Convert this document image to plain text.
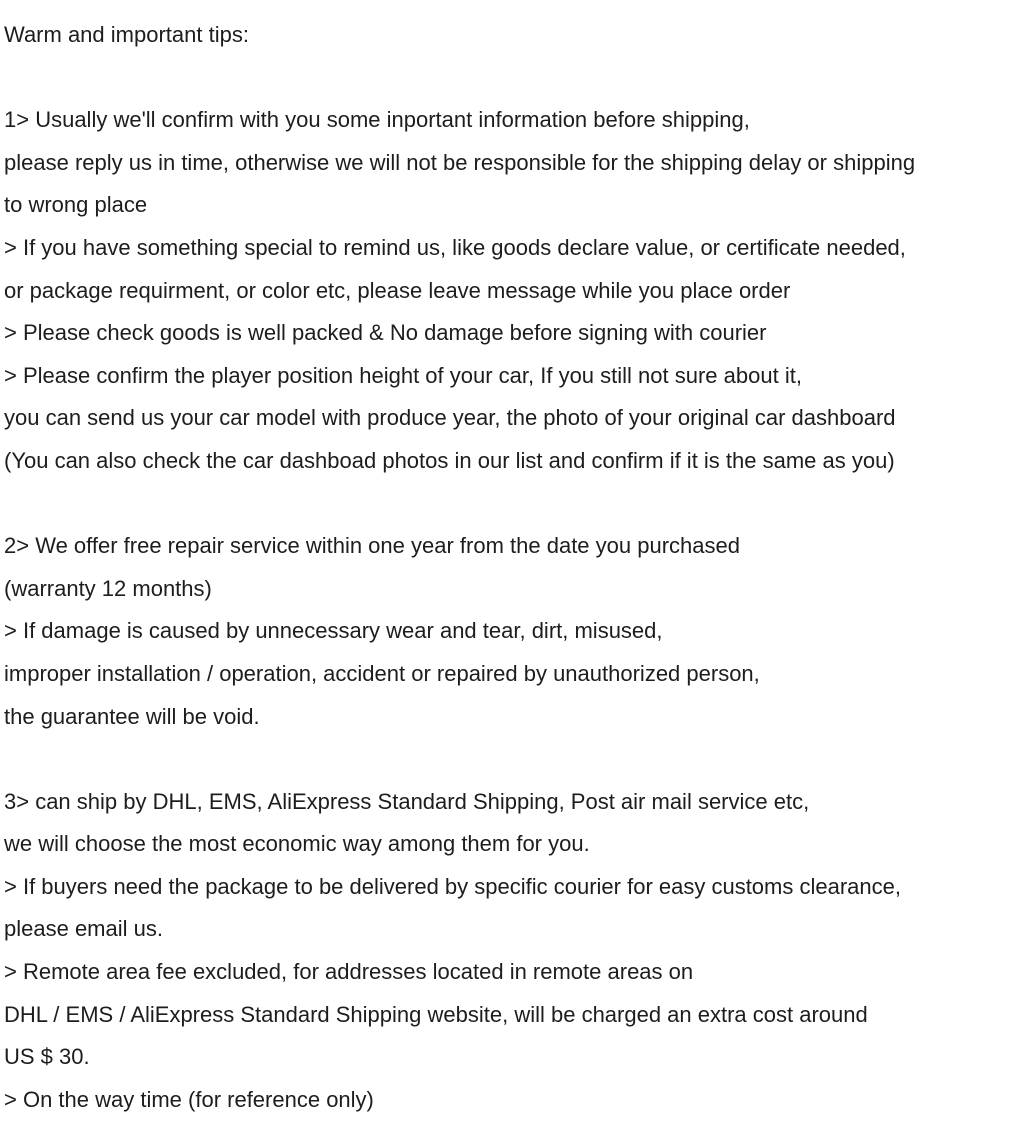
Warm and important tips:
1> Usually we'll confirm with you some inportant information before shipping,
please reply us in time, otherwise we will not be responsible for the shipping delay or shipping
to wrong place
> If you have something special to remind us, like goods declare value, or certificate needed,
or package requirment, or color etc, please leave message while you place order
> Please check goods is well packed & No damage before signing with courier
> Please confirm the player position height of your car, If you still not sure about it,
you can send us your car model with produce year, the photo of your original car dashboard
(You can also check the car dashboad photos in our list and confirm if it is the same as you)
2> We offer free repair service within one year from the date you purchased
(warranty 12 months)
> If damage is caused by unnecessary wear and tear, dirt, misused,
improper installation / operation, accident or repaired by unauthorized person,
the guarantee will be void.
3> can ship by DHL, EMS, AliExpress Standard Shipping, Post air mail service etc,
we will choose the most economic way among them for you.
> If buyers need the package to be delivered by specific courier for easy customs clearance,
please email us.
> Remote area fee excluded, for addresses located in remote areas on
DHL / EMS / AliExpress Standard Shipping website, will be charged an extra cost around
US $ 30.
> On the way time (for reference only)
